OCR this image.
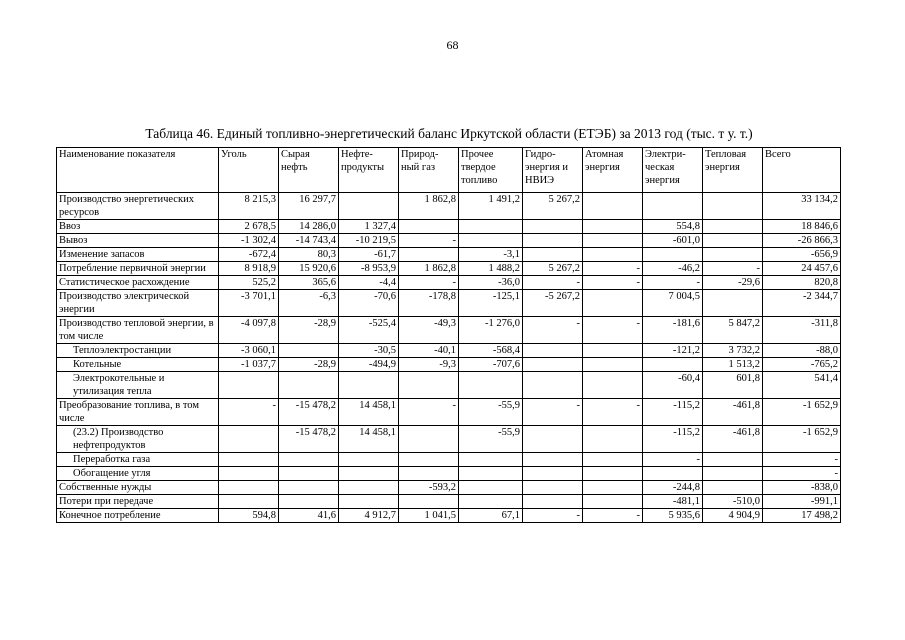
68
Таблица 46. Единый топливно-энергетический баланс Иркутской области (ЕТЭБ) за 2013 год (тыс. т у. т.)
Наименование показателя	Уголь	Сырая нефть	Нефте-продукты	Природ-ный газ	Прочее твердое топливо	Гидро-энергия и НВИЭ	Атомная энергия	Электри-ческая энергия	Тепловая энергия	Всего
Производство энергетических ресурсов	8 215,3	16 297,7		1 862,8	1 491,2	5 267,2				33 134,2
Ввоз	2 678,5	14 286,0	1 327,4					554,8		18 846,6
Вывоз	-1 302,4	-14 743,4	-10 219,5	-				-601,0		-26 866,3
Изменение запасов	-672,4	80,3	-61,7		-3,1					-656,9
Потребление первичной энергии	8 918,9	15 920,6	-8 953,9	1 862,8	1 488,2	5 267,2	-	-46,2	-	24 457,6
Статистическое расхождение	525,2	365,6	-4,4	-	-36,0	-	-	-	-29,6	820,8
Производство электрической энергии	-3 701,1	-6,3	-70,6	-178,8	-125,1	-5 267,2		7 004,5		-2 344,7
Производство тепловой энергии, в том числе	-4 097,8	-28,9	-525,4	-49,3	-1 276,0	-	-	-181,6	5 847,2	-311,8
Теплоэлектростанции	-3 060,1		-30,5	-40,1	-568,4			-121,2	3 732,2	-88,0
Котельные	-1 037,7	-28,9	-494,9	-9,3	-707,6				1 513,2	-765,2
Электрокотельные и утилизация тепла								-60,4	601,8	541,4
Преобразование топлива, в том числе	-	-15 478,2	14 458,1	-	-55,9	-	-	-115,2	-461,8	-1 652,9
(23.2) Производство нефтепродуктов		-15 478,2	14 458,1		-55,9			-115,2	-461,8	-1 652,9
Переработка газа								-		-
Обогащение угля										-
Собственные нужды				-593,2				-244,8		-838,0
Потери при передаче								-481,1	-510,0	-991,1
Конечное потребление	594,8	41,6	4 912,7	1 041,5	67,1	-	-	5 935,6	4 904,9	17 498,2
